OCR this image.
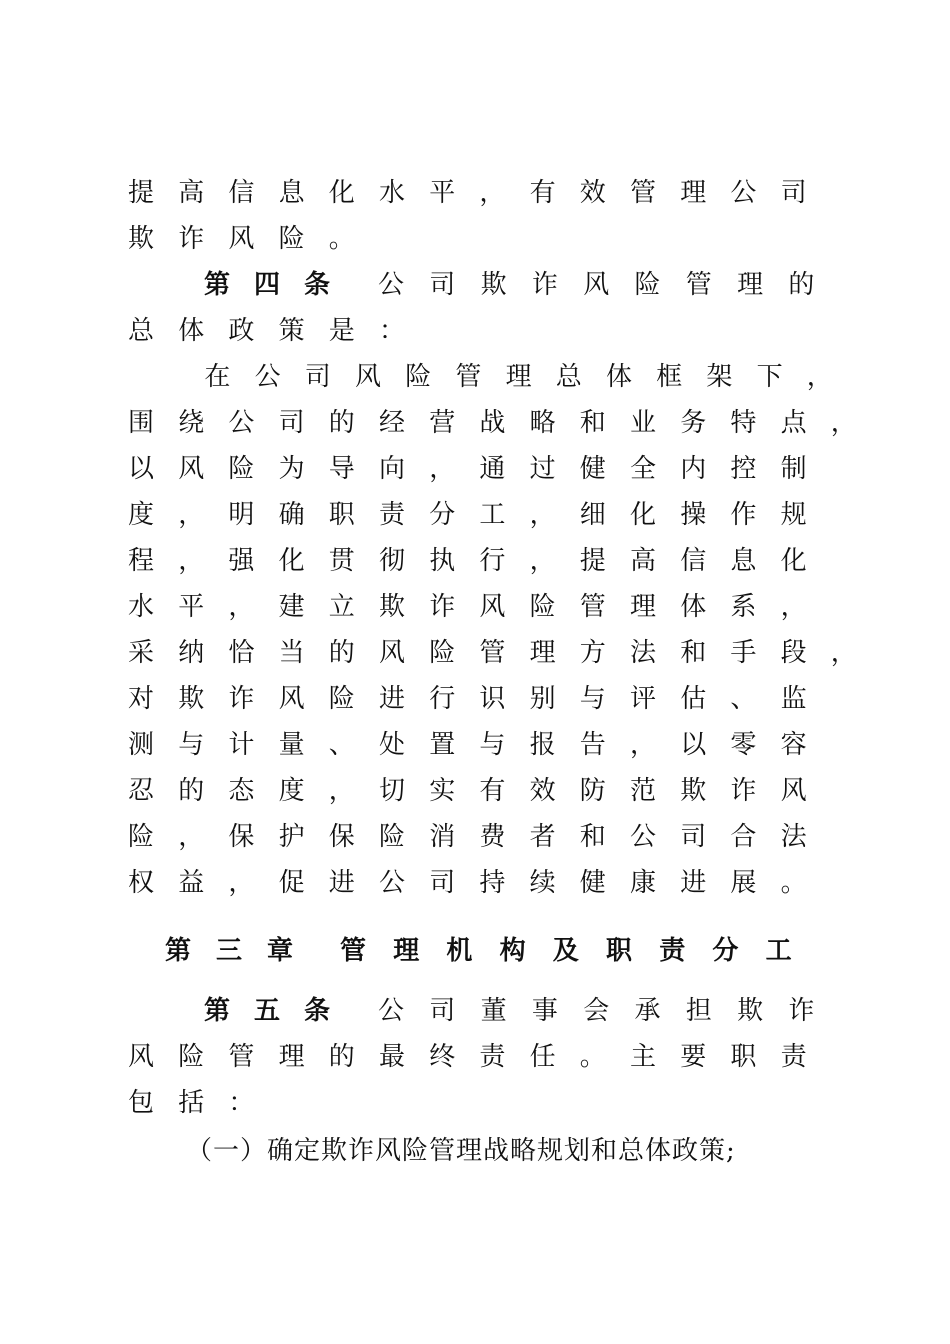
提 高 信 息 化 水 平 ， 有 效 管 理 公 司
欺 诈 风 险 。
第 四 条 公 司 欺 诈 风 险 管 理 的
总 体 政 策 是 ：
在 公 司 风 险 管 理 总 体 框 架 下 ，
围 绕 公 司 的 经 营 战 略 和 业 务 特 点 ，
以 风 险 为 导 向 ， 通 过 健 全 内 控 制
度 ， 明 确 职 责 分 工 ， 细 化 操 作 规
程 ， 强 化 贯 彻 执 行 ， 提 高 信 息 化
水 平 ， 建 立 欺 诈 风 险 管 理 体 系 ，
采 纳 恰 当 的 风 险 管 理 方 法 和 手 段 ，
对 欺 诈 风 险 进 行 识 别 与 评 估 、 监
测 与 计 量 、 处 置 与 报 告 ， 以 零 容
忍 的 态 度 ， 切 实 有 效 防 范 欺 诈 风
险 ， 保 护 保 险 消 费 者 和 公 司 合 法
权 益 ， 促 进 公 司 持 续 健 康 进 展 。
第 三 章 管 理 机 构 及 职 责 分 工
第 五 条 公 司 董 事 会 承 担 欺 诈
风 险 管 理 的 最 终 责 任 。 主 要 职 责
包 括 ：
（一）确定欺诈风险管理战略规划和总体政策;
